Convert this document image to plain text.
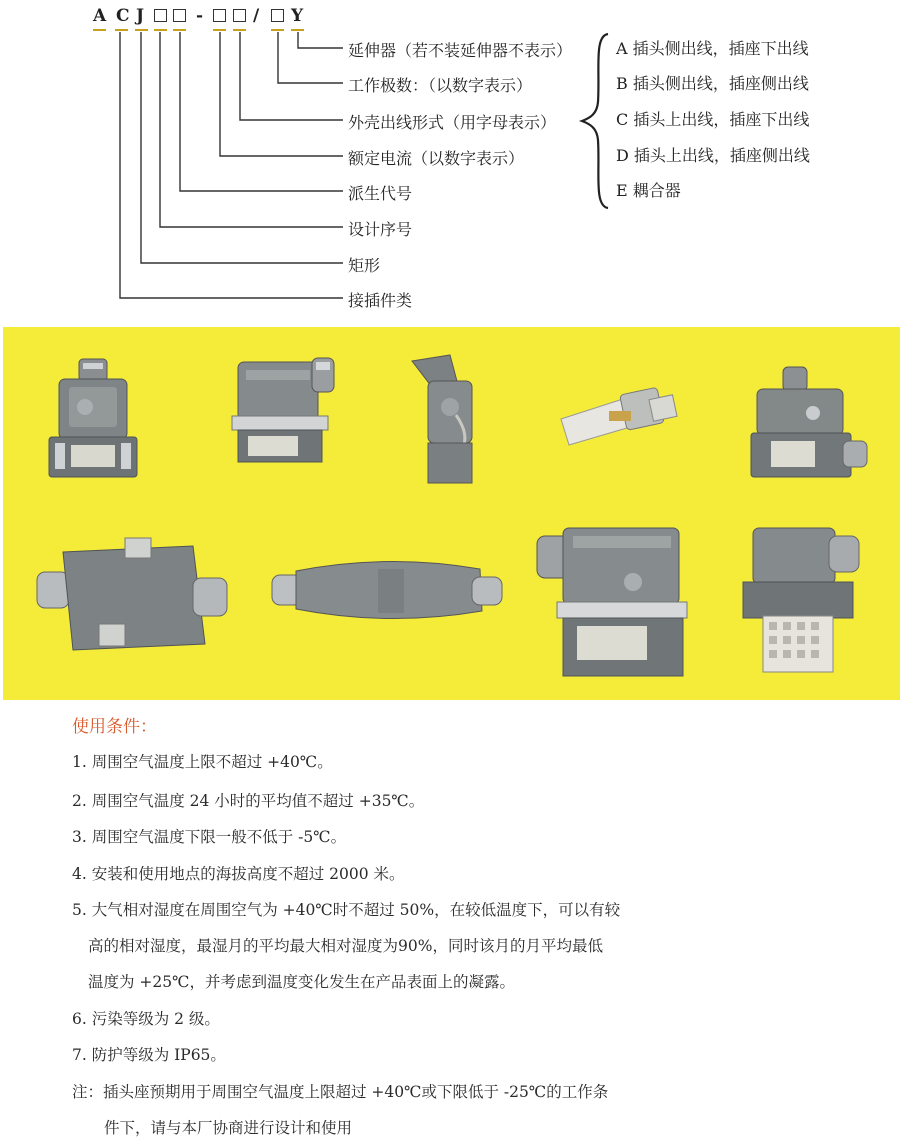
A C J	-	/ Y
延伸器（若不装延伸器不表示）
工作极数：（以数字表示）
外壳出线形式（用字母表示）
额定电流（以数字表示）
派生代号
设计序号
矩形
接插件类
A 插头侧出线，插座下出线
B 插头侧出线，插座侧出线
C 插头上出线，插座下出线
D 插头上出线，插座侧出线
E 耦合器
使用条件：
1. 周围空气温度上限不超过 +40℃。
2. 周围空气温度 24 小时的平均值不超过 +35℃。
3. 周围空气温度下限一般不低于 -5℃。
4. 安装和使用地点的海拔高度不超过 2000 米。
5. 大气相对湿度在周围空气为 +40℃时不超过 50%，在较低温度下，可以有较
高的相对湿度，最湿月的平均最大相对湿度为90%，同时该月的月平均最低
温度为 +25℃，并考虑到温度变化发生在产品表面上的凝露。
6. 污染等级为 2 级。
7. 防护等级为 IP65。
注：插头座预期用于周围空气温度上限超过 +40℃或下限低于 -25℃的工作条
件下，请与本厂协商进行设计和使用
